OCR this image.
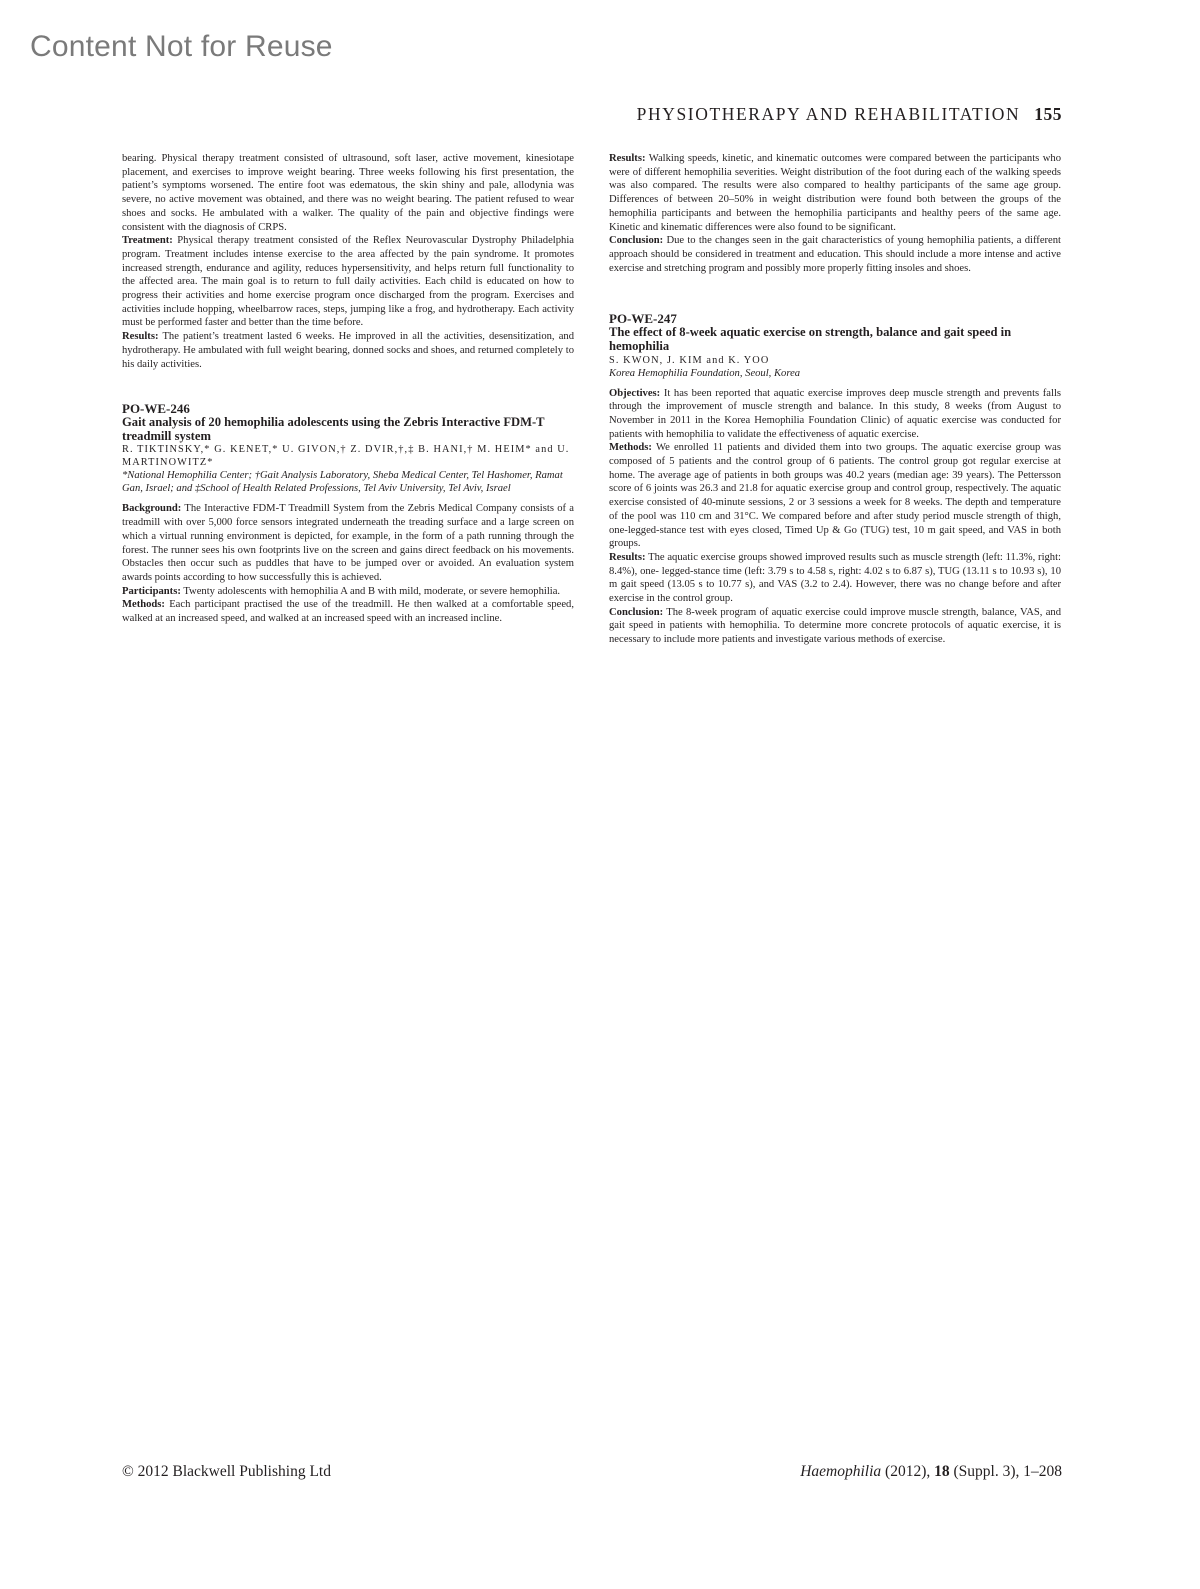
Content Not for Reuse
PHYSIOTHERAPY AND REHABILITATION 155

bearing. Physical therapy treatment consisted of ultrasound, soft laser, active movement, kinesiotape placement, and exercises to improve weight bearing. Three weeks following his first presentation, the patient’s symptoms worsened. The entire foot was edematous, the skin shiny and pale, allodynia was severe, no active movement was obtained, and there was no weight bearing. The patient refused to wear shoes and socks. He ambulated with a walker. The quality of the pain and objective findings were consistent with the diagnosis of CRPS.

Treatment: Physical therapy treatment consisted of the Reflex Neurovascular Dystrophy Philadelphia program. Treatment includes intense exercise to the area affected by the pain syndrome. It promotes increased strength, endurance and agility, reduces hypersensitivity, and helps return full functionality to the affected area. The main goal is to return to full daily activities. Each child is educated on how to progress their activities and home exercise program once discharged from the program. Exercises and activities include hopping, wheelbarrow races, steps, jumping like a frog, and hydrotherapy. Each activity must be performed faster and better than the time before.

Results: The patient’s treatment lasted 6 weeks. He improved in all the activities, desensitization, and hydrotherapy. He ambulated with full weight bearing, donned socks and shoes, and returned completely to his daily activities.

PO-WE-246

Gait analysis of 20 hemophilia adolescents using the Zebris Interactive FDM-T treadmill system

R. TIKTINSKY,* G. KENET,* U. GIVON,† Z. DVIR,†,‡ B. HANI,† M. HEIM* and U. MARTINOWITZ*

*National Hemophilia Center; †Gait Analysis Laboratory, Sheba Medical Center, Tel Hashomer, Ramat Gan, Israel; and ‡School of Health Related Professions, Tel Aviv University, Tel Aviv, Israel

Background: The Interactive FDM-T Treadmill System from the Zebris Medical Company consists of a treadmill with over 5,000 force sensors integrated underneath the treading surface and a large screen on which a virtual running environment is depicted, for example, in the form of a path running through the forest. The runner sees his own footprints live on the screen and gains direct feedback on his movements. Obstacles then occur such as puddles that have to be jumped over or avoided. An evaluation system awards points according to how successfully this is achieved.

Participants: Twenty adolescents with hemophilia A and B with mild, moderate, or severe hemophilia.

Methods: Each participant practised the use of the treadmill. He then walked at a comfortable speed, walked at an increased speed, and walked at an increased speed with an increased incline.

Results: Walking speeds, kinetic, and kinematic outcomes were compared between the participants who were of different hemophilia severities. Weight distribution of the foot during each of the walking speeds was also compared. The results were also compared to healthy participants of the same age group. Differences of between 20–50% in weight distribution were found both between the groups of the hemophilia participants and between the hemophilia participants and healthy peers of the same age. Kinetic and kinematic differences were also found to be significant.

Conclusion: Due to the changes seen in the gait characteristics of young hemophilia patients, a different approach should be considered in treatment and education. This should include a more intense and active exercise and stretching program and possibly more properly fitting insoles and shoes.

PO-WE-247

The effect of 8-week aquatic exercise on strength, balance and gait speed in hemophilia

S. KWON, J. KIM and K. YOO

Korea Hemophilia Foundation, Seoul, Korea

Objectives: It has been reported that aquatic exercise improves deep muscle strength and prevents falls through the improvement of muscle strength and balance. In this study, 8 weeks (from August to November in 2011 in the Korea Hemophilia Foundation Clinic) of aquatic exercise was conducted for patients with hemophilia to validate the effectiveness of aquatic exercise.

Methods: We enrolled 11 patients and divided them into two groups. The aquatic exercise group was composed of 5 patients and the control group of 6 patients. The control group got regular exercise at home. The average age of patients in both groups was 40.2 years (median age: 39 years). The Pettersson score of 6 joints was 26.3 and 21.8 for aquatic exercise group and control group, respectively. The aquatic exercise consisted of 40-minute sessions, 2 or 3 sessions a week for 8 weeks. The depth and temperature of the pool was 110 cm and 31°C. We compared before and after study period muscle strength of thigh, one-legged-stance test with eyes closed, Timed Up & Go (TUG) test, 10 m gait speed, and VAS in both groups.

Results: The aquatic exercise groups showed improved results such as muscle strength (left: 11.3%, right: 8.4%), one- legged-stance time (left: 3.79 s to 4.58 s, right: 4.02 s to 6.87 s), TUG (13.11 s to 10.93 s), 10 m gait speed (13.05 s to 10.77 s), and VAS (3.2 to 2.4). However, there was no change before and after exercise in the control group.

Conclusion: The 8-week program of aquatic exercise could improve muscle strength, balance, VAS, and gait speed in patients with hemophilia. To determine more concrete protocols of aquatic exercise, it is necessary to include more patients and investigate various methods of exercise.

© 2012 Blackwell Publishing Ltd	Haemophilia (2012), 18 (Suppl. 3), 1–208
